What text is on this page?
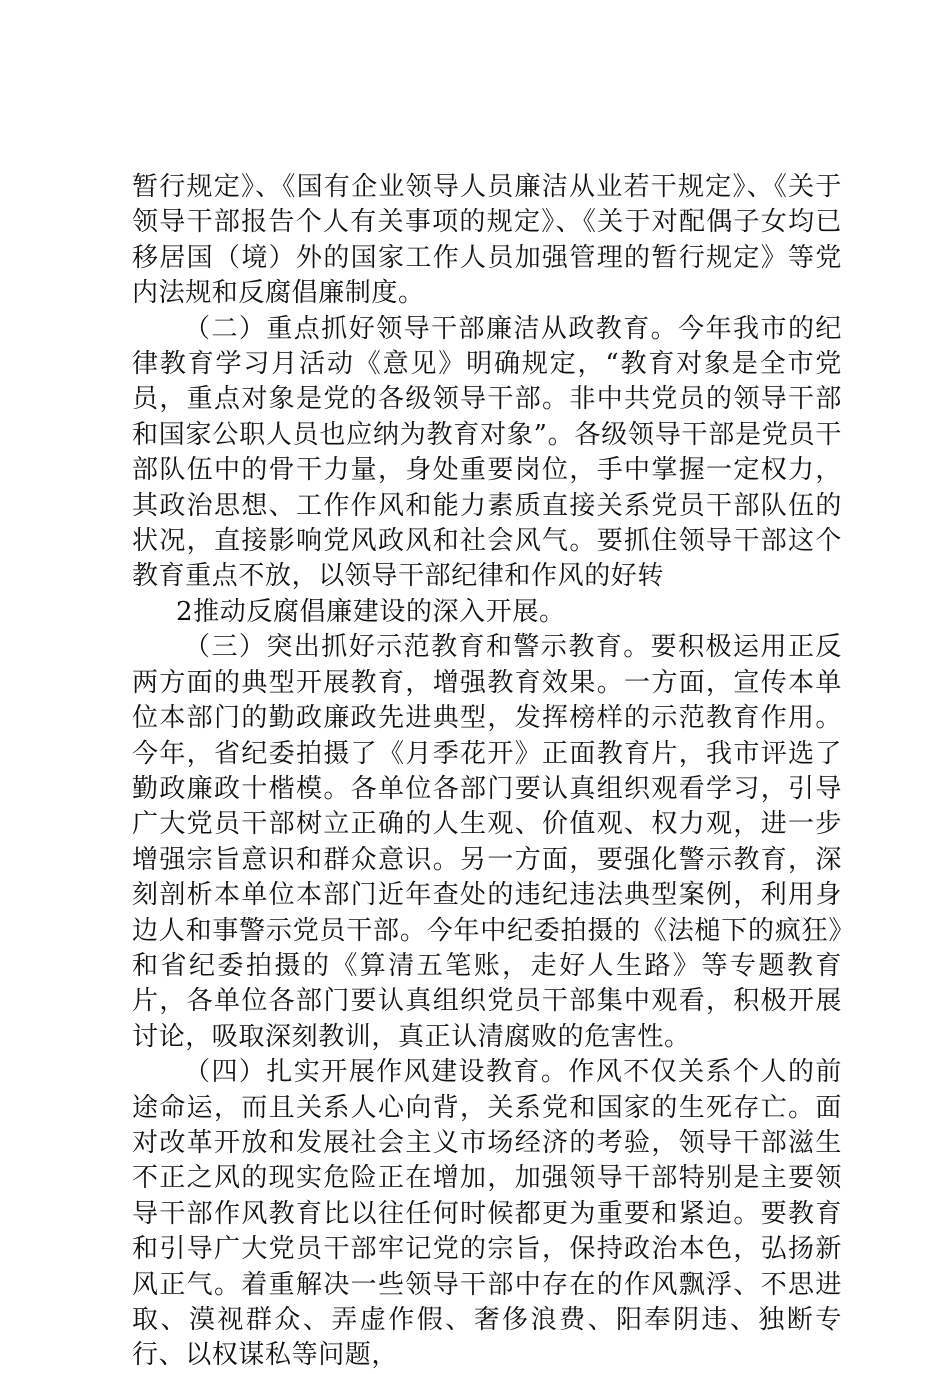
暂行规定》、《国有企业领导人员廉洁从业若干规定》、《关于领导干部报告个人有关事项的规定》、《关于对配偶子女均已移居国（境）外的国家工作人员加强管理的暂行规定》等党内法规和反腐倡廉制度。

（二）重点抓好领导干部廉洁从政教育。今年我市的纪律教育学习月活动《意见》明确规定，“教育对象是全市党员，重点对象是党的各级领导干部。非中共党员的领导干部和国家公职人员也应纳为教育对象”。各级领导干部是党员干部队伍中的骨干力量，身处重要岗位，手中掌握一定权力，其政治思想、工作作风和能力素质直接关系党员干部队伍的状况，直接影响党风政风和社会风气。要抓住领导干部这个教育重点不放，以领导干部纪律和作风的好转

2推动反腐倡廉建设的深入开展。

（三）突出抓好示范教育和警示教育。要积极运用正反两方面的典型开展教育，增强教育效果。一方面，宣传本单位本部门的勤政廉政先进典型，发挥榜样的示范教育作用。今年，省纪委拍摄了《月季花开》正面教育片，我市评选了勤政廉政十楷模。各单位各部门要认真组织观看学习，引导广大党员干部树立正确的人生观、价值观、权力观，进一步增强宗旨意识和群众意识。另一方面，要强化警示教育，深刻剖析本单位本部门近年查处的违纪违法典型案例，利用身边人和事警示党员干部。今年中纪委拍摄的《法槌下的疯狂》和省纪委拍摄的《算清五笔账，走好人生路》等专题教育片，各单位各部门要认真组织党员干部集中观看，积极开展讨论，吸取深刻教训，真正认清腐败的危害性。

（四）扎实开展作风建设教育。作风不仅关系个人的前途命运，而且关系人心向背，关系党和国家的生死存亡。面对改革开放和发展社会主义市场经济的考验，领导干部滋生不正之风的现实危险正在增加，加强领导干部特别是主要领导干部作风教育比以往任何时候都更为重要和紧迫。要教育和引导广大党员干部牢记党的宗旨，保持政治本色，弘扬新风正气。着重解决一些领导干部中存在的作风飘浮、不思进取、漠视群众、弄虚作假、奢侈浪费、阳奉阴违、独断专行、以权谋私等问题，
